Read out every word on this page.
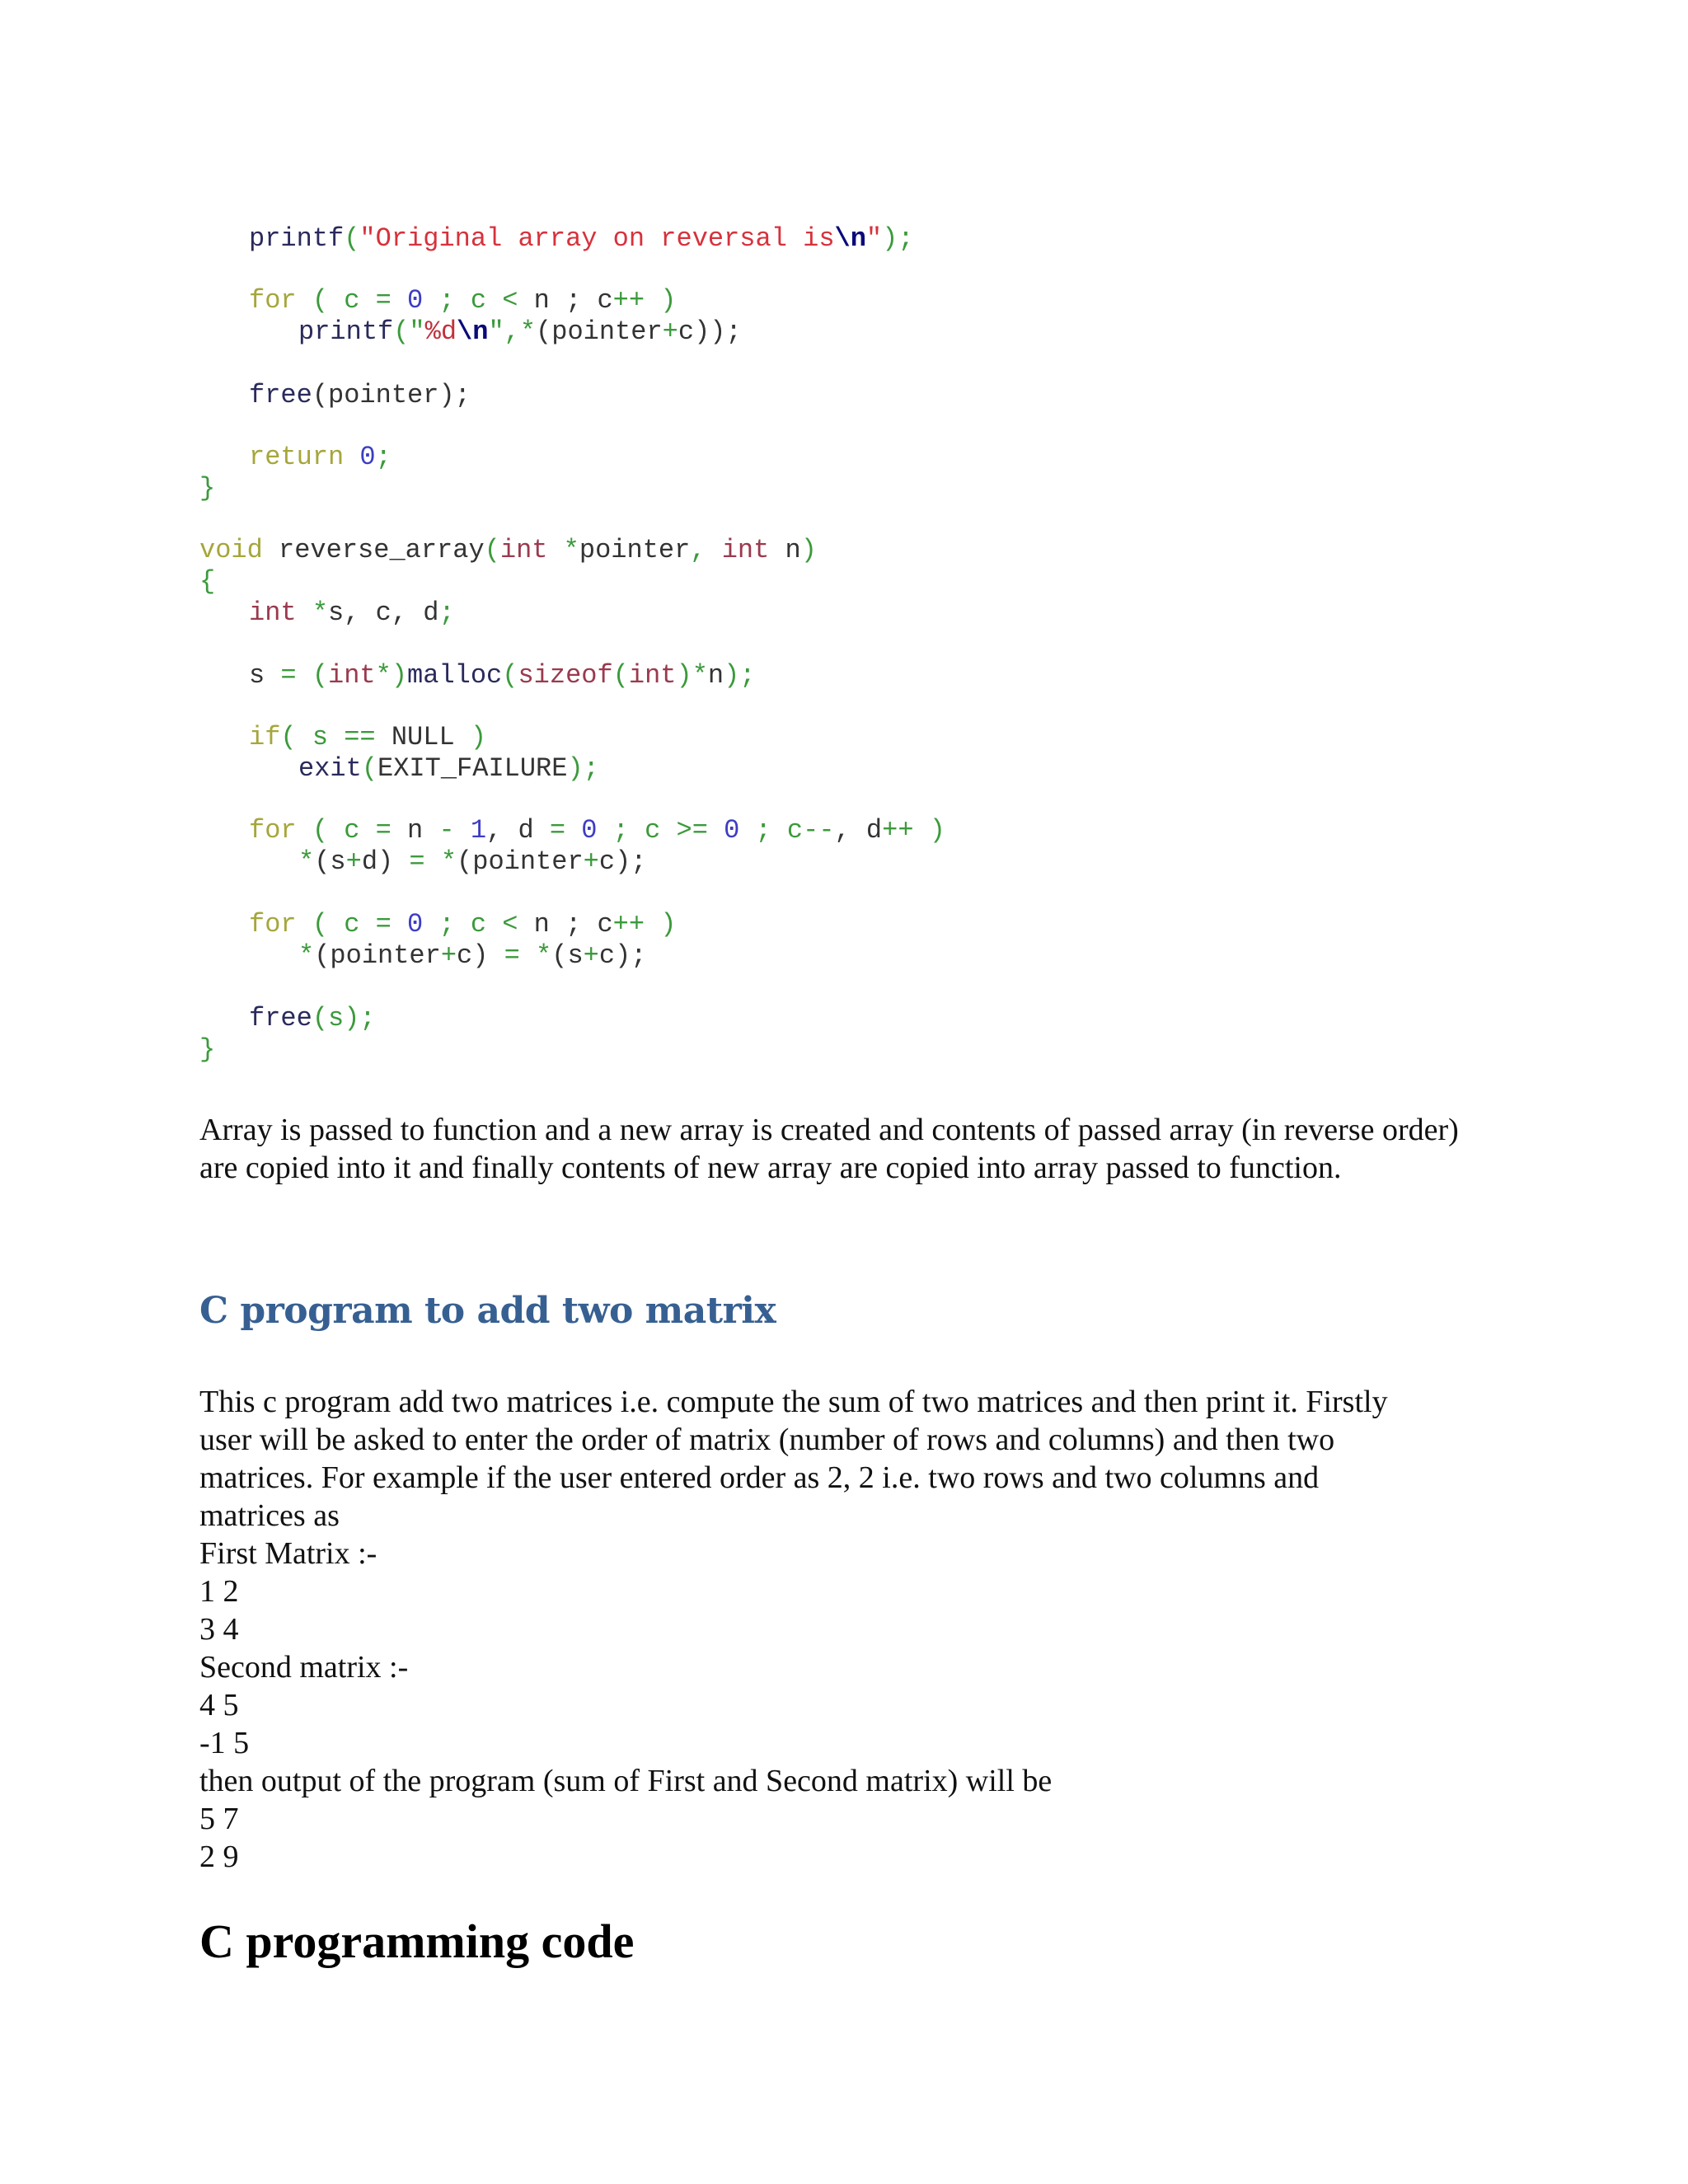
printf("Original array on reversal is\n");
for ( c = 0 ; c < n ; c++ )
printf("%d\n",*(pointer+c));
free(pointer);
return 0;
}
void reverse_array(int *pointer, int n)
{
int *s, c, d;
s = (int*)malloc(sizeof(int)*n);
if( s == NULL )
exit(EXIT_FAILURE);
for ( c = n - 1, d = 0 ; c >= 0 ; c--, d++ )
*(s+d) = *(pointer+c);
for ( c = 0 ; c < n ; c++ )
*(pointer+c) = *(s+c);
free(s);
}

Array is passed to function and a new array is created and contents of passed array (in reverse order) are copied into it and finally contents of new array are copied into array passed to function.

C program to add two matrix
This c program add two matrices i.e. compute the sum of two matrices and then print it. Firstly
user will be asked to enter the order of matrix (number of rows and columns) and then two
matrices. For example if the user entered order as 2, 2 i.e. two rows and two columns and
matrices as
First Matrix :-
1 2
3 4
Second matrix :-
4 5
-1 5
then output of the program (sum of First and Second matrix) will be
5 7
2 9
C programming code
